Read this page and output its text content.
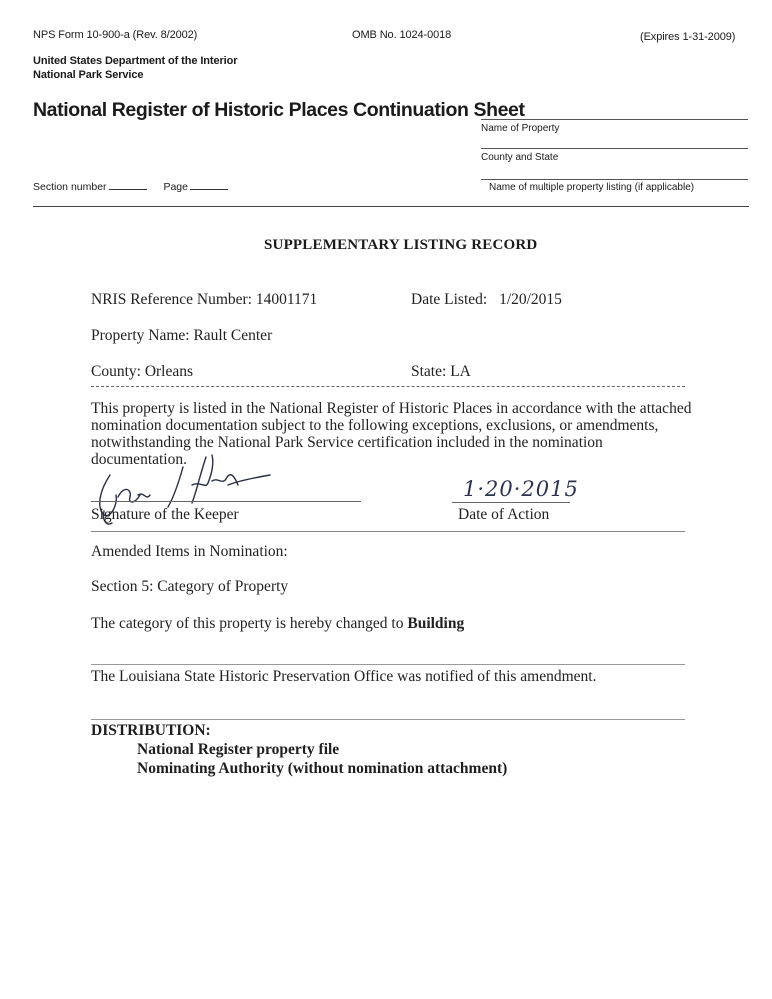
NPS Form 10-900-a (Rev. 8/2002)	OMB No. 1024-0018	(Expires 1-31-2009)
United States Department of the Interior
National Park Service
National Register of Historic Places Continuation Sheet
Name of Property
County and State
Name of multiple property listing (if applicable)
Section number	Page
SUPPLEMENTARY LISTING RECORD
NRIS Reference Number: 14001171	Date Listed: 1/20/2015
Property Name: Rault Center
County: Orleans	State: LA
This property is listed in the National Register of Historic Places in accordance with the attached
nomination documentation subject to the following exceptions, exclusions, or amendments,
notwithstanding the National Park Service certification included in the nomination
documentation.
Signature of the Keeper
1·20·2015
Date of Action
Amended Items in Nomination:
Section 5: Category of Property
The category of this property is hereby changed to Building
The Louisiana State Historic Preservation Office was notified of this amendment.
DISTRIBUTION:
National Register property file
Nominating Authority (without nomination attachment)
